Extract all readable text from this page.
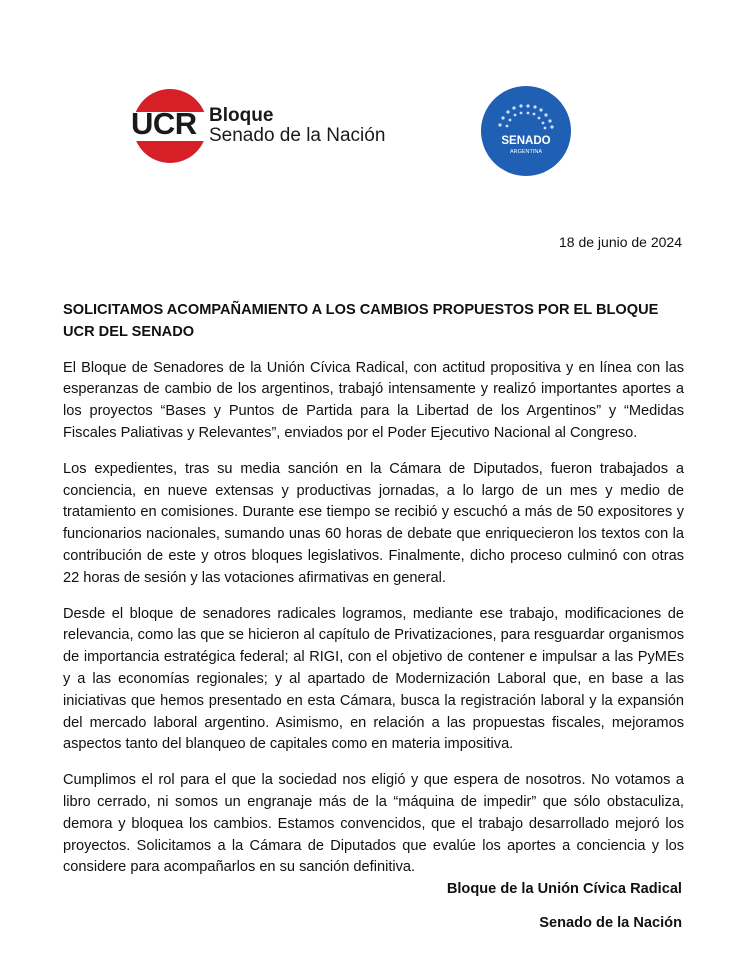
UCR Bloque
Senado de la Nación	SENADO
ARGENTINA
18 de junio de 2024
SOLICITAMOS ACOMPAÑAMIENTO A LOS CAMBIOS PROPUESTOS POR EL BLOQUE UCR DEL SENADO

El Bloque de Senadores de la Unión Cívica Radical, con actitud propositiva y en línea con las esperanzas de cambio de los argentinos, trabajó intensamente y realizó importantes aportes a los proyectos “Bases y Puntos de Partida para la Libertad de los Argentinos” y “Medidas Fiscales Paliativas y Relevantes”, enviados por el Poder Ejecutivo Nacional al Congreso.

Los expedientes, tras su media sanción en la Cámara de Diputados, fueron trabajados a conciencia, en nueve extensas y productivas jornadas, a lo largo de un mes y medio de tratamiento en comisiones. Durante ese tiempo se recibió y escuchó a más de 50 expositores y funcionarios nacionales, sumando unas 60 horas de debate que enriquecieron los textos con la contribución de este y otros bloques legislativos. Finalmente, dicho proceso culminó con otras 22 horas de sesión y las votaciones afirmativas en general.

Desde el bloque de senadores radicales logramos, mediante ese trabajo, modificaciones de relevancia, como las que se hicieron al capítulo de Privatizaciones, para resguardar organismos de importancia estratégica federal; al RIGI, con el objetivo de contener e impulsar a las PyMEs y a las economías regionales; y al apartado de Modernización Laboral que, en base a las iniciativas que hemos presentado en esta Cámara, busca la registración laboral y la expansión del mercado laboral argentino. Asimismo, en relación a las propuestas fiscales, mejoramos aspectos tanto del blanqueo de capitales como en materia impositiva.

Cumplimos el rol para el que la sociedad nos eligió y que espera de nosotros. No votamos a libro cerrado, ni somos un engranaje más de la “máquina de impedir” que sólo obstaculiza, demora y bloquea los cambios. Estamos convencidos, que el trabajo desarrollado mejoró los proyectos. Solicitamos a la Cámara de Diputados que evalúe los aportes a conciencia y los considere para acompañarlos en su sanción definitiva.

Bloque de la Unión Cívica Radical
Senado de la Nación
